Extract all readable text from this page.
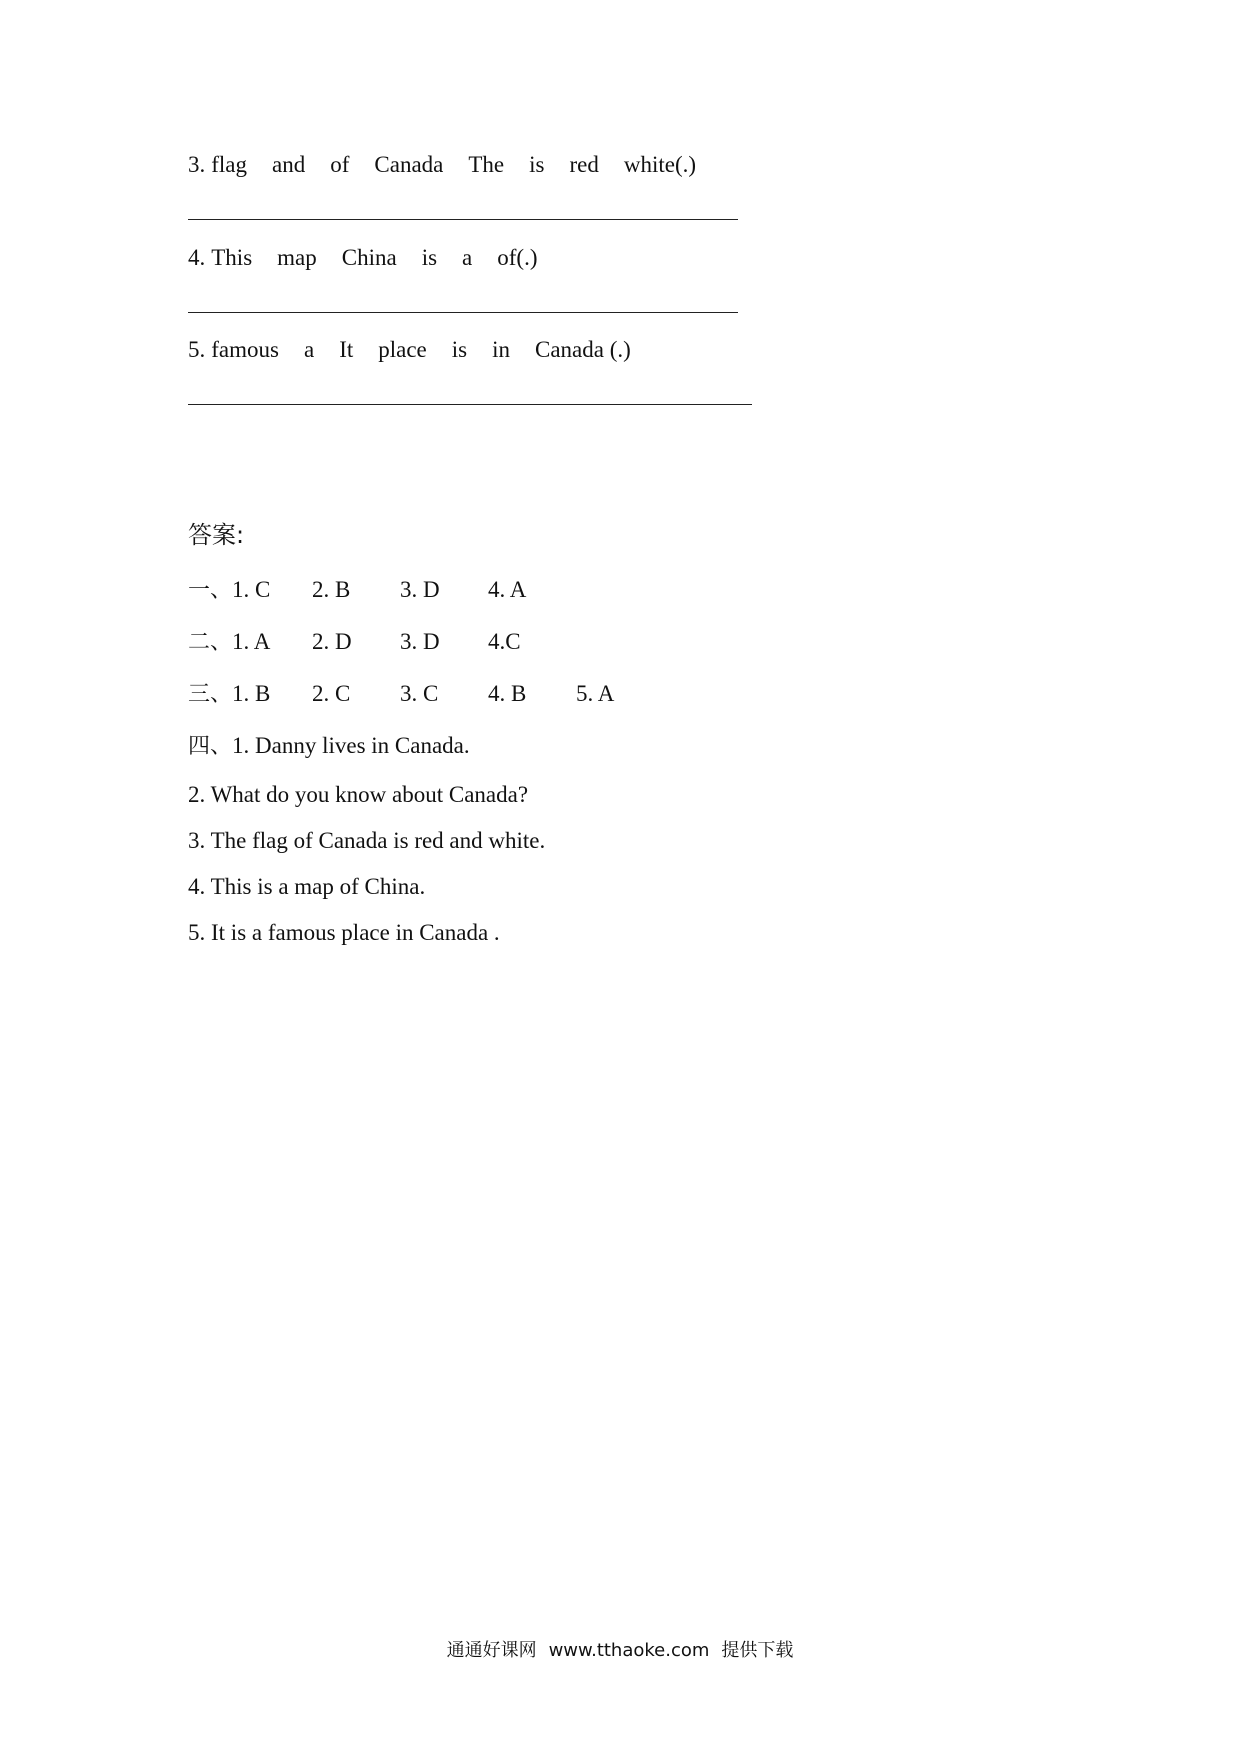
3. flag and of Canada The is red white(.)
4. This map China is a of(.)
5. famous a It place is in Canada (.)
答案:
一、1. C 2. B 3. D 4. A
二、1. A 2. D 3. D 4.C
三、1. B 2. C 3. C 4. B 5. A
四、1. Danny lives in Canada.
2. What do you know about Canada?
3. The flag of Canada is red and white.
4. This is a map of China.
5. It is a famous place in Canada .
通通好课网 www.tthaoke.com 提供下载
